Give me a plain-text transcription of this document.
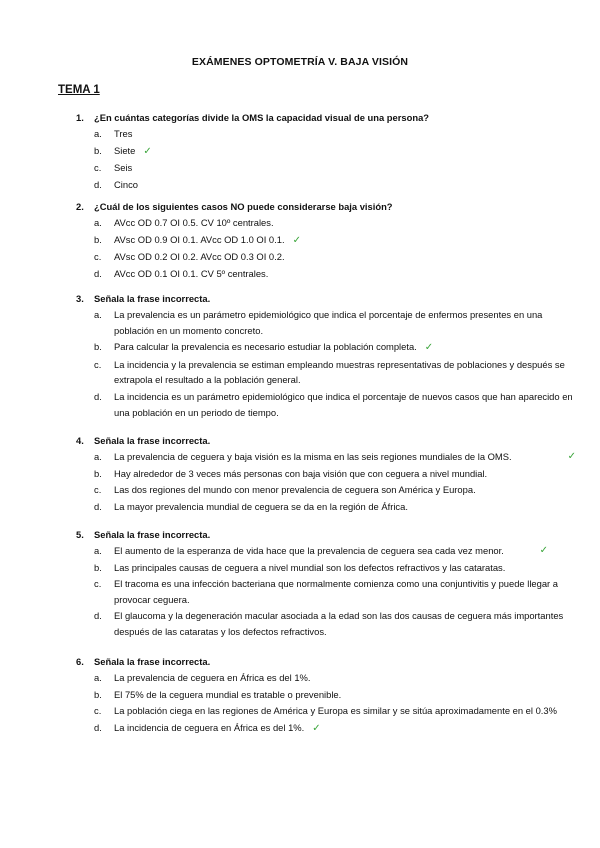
EXÁMENES OPTOMETRÍA V. BAJA VISIÓN
TEMA 1
1.	¿En cuántas categorías divide la OMS la capacidad visual de una persona?
a.	Tres
b.	Siete ✓
c.	Seis
d.	Cinco
2.	¿Cuál de los siguientes casos NO puede considerarse baja visión?
a.	AVcc OD 0.7 OI 0.5. CV 10º centrales.
b.	AVsc OD 0.9 OI 0.1. AVcc OD 1.0 OI 0.1. ✓
c.	AVsc OD 0.2 OI 0.2. AVcc OD 0.3 OI 0.2.
d.	AVcc OD 0.1 OI 0.1. CV 5º centrales.
3.	Señala la frase incorrecta.
a.	La prevalencia es un parámetro epidemiológico que indica el porcentaje de enfermos presentes en una población en un momento concreto.
b.	Para calcular la prevalencia es necesario estudiar la población completa. ✓
c.	La incidencia y la prevalencia se estiman empleando muestras representativas de poblaciones y después se extrapola el resultado a la población general.
d.	La incidencia es un parámetro epidemiológico que indica el porcentaje de nuevos casos que han aparecido en una población en un periodo de tiempo.
4.	Señala la frase incorrecta.
a.	La prevalencia de ceguera y baja visión es la misma en las seis regiones mundiales de la OMS.	✓
b.	Hay alrededor de 3 veces más personas con baja visión que con ceguera a nivel mundial.
c.	Las dos regiones del mundo con menor prevalencia de ceguera son América y Europa.
d.	La mayor prevalencia mundial de ceguera se da en la región de África.
5.	Señala la frase incorrecta.
a.	El aumento de la esperanza de vida hace que la prevalencia de ceguera sea cada vez menor.	✓
b.	Las principales causas de ceguera a nivel mundial son los defectos refractivos y las cataratas.
c.	El tracoma es una infección bacteriana que normalmente comienza como una conjuntivitis y puede llegar a provocar ceguera.
d.	El glaucoma y la degeneración macular asociada a la edad son las dos causas de ceguera más importantes después de las cataratas y los defectos refractivos.
6.	Señala la frase incorrecta.
a.	La prevalencia de ceguera en África es del 1%.
b.	El 75% de la ceguera mundial es tratable o prevenible.
c.	La población ciega en las regiones de América y Europa es similar y se sitúa aproximadamente en el 0.3%
d.	La incidencia de ceguera en África es del 1%. ✓
